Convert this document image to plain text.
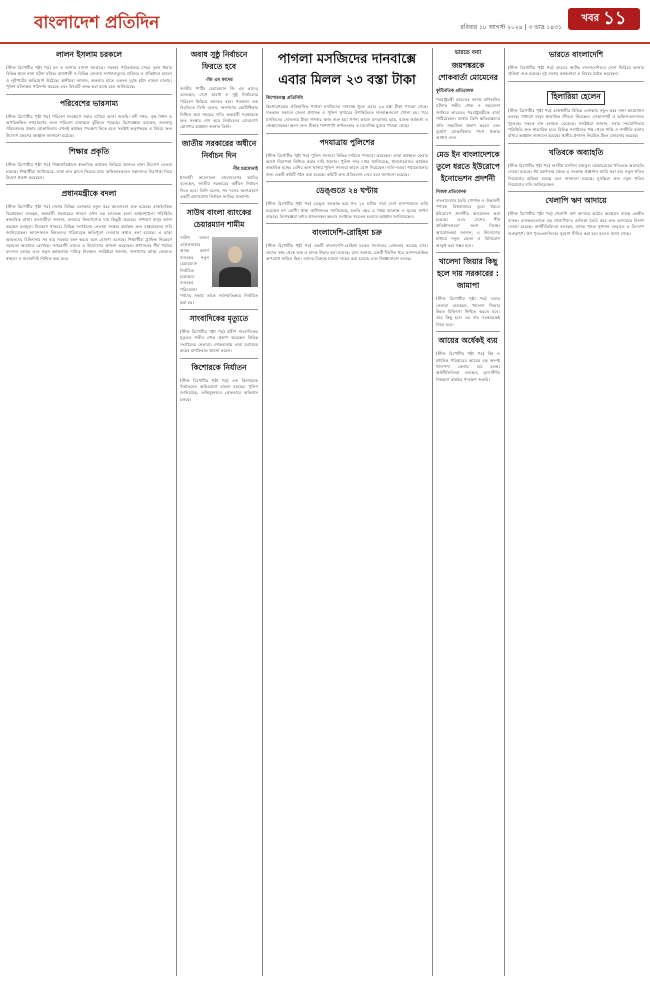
বাংলাদেশ প্রতিদিন	রবিবার ১৮ আগস্ট ২০২৪ | ৩ ভাদ্র ১৪৩১
খবর ১১
লালন ইসলাম চরকলে
(স্টাফ রিপোর্টার পৃষ্ঠা পর) মন ও আশার বাসনা জাগ্রতে। সরকার পরিবর্তনের সেঘর দুর্বল ধারার বিভিন্ন স্থানে নানা ঘটনা ঘটছে। রাজধানী ও বিভিন্ন জেলায় সংখ্যালঘুদের বাড়িঘর ও প্রতিষ্ঠানে হামলা ও লুটপাটের অভিযোগ উঠেছে। স্থানীয়রা জানান, শুক্রবার রাতে একদল দুর্বৃত্ত হঠাৎ হামলা চালায়। পুলিশ ঘটনাস্থল পরিদর্শন করেছে এবং বিষয়টি তদন্ত করা হচ্ছে বলে জানিয়েছে।
পরিবেশের ভারসাম্য
(স্টাফ রিপোর্টার পৃষ্ঠা পর) পরিবেশ সংরক্ষণে সবার এগিয়ে আসা জরুরি। নদী দখল, বৃক্ষ নিধন ও অপরিকল্পিত নগরায়ণের ফলে পরিবেশ মারাত্মক ঝুঁকিতে পড়েছে। বিশেষজ্ঞরা বলছেন, জলবায়ু পরিবর্তনের প্রভাব মোকাবিলায় এখনই কার্যকর পদক্ষেপ নিতে হবে। সংশ্লিষ্ট কর্তৃপক্ষকে এ বিষয়ে দ্রুত উদ্যোগ গ্রহণের আহ্বান জানানো হয়েছে।
শিক্ষার প্রকৃতি
(স্টাফ রিপোর্টার পৃষ্ঠা পর) শিক্ষাপ্রতিষ্ঠানে স্বাভাবিক কার্যক্রম ফিরিয়ে আনতে নানা উদ্যোগ নেওয়া হয়েছে। শিক্ষার্থীরা জানিয়েছে, তারা দ্রুত ক্লাসে ফিরতে চায়। অভিভাবকরাও সন্তানদের নিরাপত্তা নিয়ে উদ্বেগ প্রকাশ করেছেন।
প্রধানমন্ত্রীকে বদলা
(স্টাফ রিপোর্টার পৃষ্ঠা পর) দেশের বিভিন্ন এলাকায় নতুন করে আলোচনা শুরু হয়েছে। রাজনৈতিক বিশ্লেষকরা বলছেন, অন্তর্বর্তী সরকারের সামনে এখন বড় চ্যালেঞ্জ হলো আইনশৃঙ্খলা পরিস্থিতি স্বাভাবিক রাখা। ব্যবসায়ীরা জানান, বাজারে নিত্যপণ্যের দাম কিছুটা কমেছে। সাধারণ মানুষ আশা করছেন দ্রব্যমূল্য নিয়ন্ত্রণে থাকবে। বিভিন্ন সংগঠনের নেতারা সংস্কার কার্যক্রম দ্রুত বাস্তবায়নের দাবি জানিয়েছেন। আন্দোলনে নিহতদের পরিবারকে ক্ষতিপূরণ দেওয়ার কথাও বলা হয়েছে। এ ছাড়া আহতদের চিকিৎসার সব ব্যয় সরকার বহন করবে বলে ঘোষণা এসেছে। শিক্ষার্থীরা ট্রাফিক নিয়ন্ত্রণে সহায়তা অব্যাহত রেখেছে। নগরবাসী তাদের এ উদ্যোগের প্রশংসা করেছেন। প্রশাসনের শীর্ষ পর্যায়ে রদবদল চলছে এবং নতুন কর্মকর্তারা দায়িত্ব নিচ্ছেন। সংশ্লিষ্টরা জানান, জনগণের আস্থা ফেরাতে স্বচ্ছতা ও জবাবদিহি নিশ্চিত করা হবে।
অবাধ সুষ্ঠু নির্বাচনে ফিরতে হবে
-জি এম কাদের
জাতীয় পার্টির চেয়ারম্যান জি এম কাদের বলেছেন, দেশে অবাধ ও সুষ্ঠু নির্বাচনের পরিবেশ ফিরিয়ে আনতে হবে। গতকাল এক বিবৃতিতে তিনি বলেন, জনগণের ভোটাধিকার নিশ্চিত করা সময়ের দাবি। অন্তর্বর্তী সরকারকে দ্রুত সংস্কার শেষ করে নির্বাচনের রোডম্যাপ ঘোষণার আহ্বান জানান তিনি।
জাতীয় সরকারের অধীনে নির্বাচন দিন
পীর চরমোনাই
ইসলামী আন্দোলন বাংলাদেশের আমির বলেছেন, জাতীয় সরকারের অধীনে নির্বাচন দিতে হবে। তিনি বলেন, সব দলের অংশগ্রহণে একটি গ্রহণযোগ্য নির্বাচন জাতির প্রত্যাশা।
সাউথ বাংলা ব্যাংকের চেয়ারম্যান শামীম
সাউথ বাংলা এগ্রিকালচার অ্যান্ড কমার্স ব্যাংকের নতুন চেয়ারম্যান নির্বাচিত হয়েছেন। ব্যাংকের পরিচালনা পর্ষদের সভায় তাকে সর্বসম্মতিক্রমে নির্বাচিত করা হয়।
সাংবাদিকের মৃত্যুতে
(স্টাফ রিপোর্টার পৃষ্ঠা পর) প্রবীণ সাংবাদিকের মৃত্যুতে গভীর শোক প্রকাশ করেছেন বিভিন্ন সংগঠনের নেতারা। শোকবার্তায় তারা মরহুমের রুহের মাগফিরাত কামনা করেন।
কিশোরকে নির্যাতন
(স্টাফ রিপোর্টার পৃষ্ঠা পর) এক কিশোরকে নির্যাতনের অভিযোগে মামলা হয়েছে। পুলিশ জানিয়েছে, অভিযুক্তদের গ্রেফতারে অভিযান চলছে।
পাগলা মসজিদের দানবাক্সে এবার মিলল ২৩ বস্তা টাকা
কিশোরগঞ্জ প্রতিনিধি
কিশোরগঞ্জের ঐতিহাসিক পাগলা মসজিদের দানবাক্স খুলে এবার ২৩ বস্তা টাকা পাওয়া গেছে। গতকাল সকালে জেলা প্রশাসক ও পুলিশ সুপারের উপস্থিতিতে দানবাক্সগুলো খোলা হয়। পরে মসজিদের দোতলায় টাকা গণনার কাজ শুরু হয়। গণনা কাজে মাদরাসার ছাত্র, ব্যাংক কর্মকর্তা ও স্বেচ্ছাসেবকরা অংশ নেন। টাকার পাশাপাশি স্বর্ণালংকার ও বৈদেশিক মুদ্রাও পাওয়া গেছে।
পদযাত্রায় পুলিশের
(স্টাফ রিপোর্টার পৃষ্ঠা পর) পুলিশ সদস্যরা বিভিন্ন দাবিতে পদযাত্রা করেছেন। তারা কর্মস্থলে ফেরার আগে নিরাপত্তা নিশ্চিত করার দাবি জানান। পুলিশ সদর দপ্তর জানিয়েছে, থানাগুলোতে কার্যক্রম স্বাভাবিক হচ্ছে। বেশির ভাগ থানায় পুলিশ সদস্যরা কাজে যোগ দিয়েছেন। দাবি-দাওয়া পর্যালোচনার জন্য একটি কমিটি গঠন করা হয়েছে। কমিটি দ্রুত প্রতিবেদন দেবে বলে জানানো হয়েছে।
ডেঙ্গুতে ২৪ ঘণ্টায়
(স্টাফ রিপোর্টার পৃষ্ঠা পর) ডেঙ্গু আক্রান্ত হয়ে গত ২৪ ঘণ্টায় সারা দেশে হাসপাতালে ভর্তি হয়েছেন বহু রোগী। স্বাস্থ্য অধিদফতর জানিয়েছে, চলতি বছর এ পর্যন্ত আক্রান্ত ও মৃতের সংখ্যা বাড়ছে। বিশেষজ্ঞরা মশার প্রজননস্থল ধ্বংসে সবাইকে সচেতন হওয়ার আহ্বান জানিয়েছেন।
বাংলাদেশি-রোহিঙ্গা চক্র
(স্টাফ রিপোর্টার পৃষ্ঠা পর) একটি বাংলাদেশি-রোহিঙ্গা চক্রের সদস্যদের গ্রেফতার করেছে র‌্যাব। তাদের কাছ থেকে অস্ত্র ও মাদক উদ্ধার করা হয়েছে। র‌্যাব জানায়, চক্রটি দীর্ঘদিন ধরে ক্যাম্পকেন্দ্রিক অপরাধে জড়িত ছিল। তাদের বিরুদ্ধে মামলা দায়ের করা হয়েছে এবং জিজ্ঞাসাবাদ চলছে।
ভারতে বন্যা
জয়শঙ্করকে শোকবার্তা মোমেনের
কূটনৈতিক প্রতিবেদক
পররাষ্ট্রমন্ত্রী ভারতের বন্যায় প্রাণহানির ঘটনায় গভীর শোক ও সমবেদনা জানিয়ে ভারতের পররাষ্ট্রমন্ত্রীকে বার্তা পাঠিয়েছেন। বার্তায় তিনি ক্ষতিগ্রস্তদের প্রতি সহমর্মিতা প্রকাশ করেন এবং দুর্যোগ মোকাবিলায় পাশে থাকার আশ্বাস দেন।
মেড ইন বাংলাদেশকে তুলে ধরতে ইউরোপে ইনোভেশন প্রদর্শনী
নিজস্ব প্রতিবেদক
বাংলাদেশের তৈরি পোশাক ও উদ্ভাবনী পণ্যকে বিশ্ববাজারে তুলে ধরতে ইউরোপে প্রদর্শনীর আয়োজন করা হয়েছে। এতে দেশের শীর্ষ প্রতিষ্ঠানগুলো অংশ নিচ্ছে। আয়োজকরা জানান, এ উদ্যোগের মাধ্যমে নতুন ক্রেতা ও বিনিয়োগ আকৃষ্ট করা সম্ভব হবে।
খালেদা জিয়ার কিছু হলে দায় সরকারের : জামাপা
(স্টাফ রিপোর্টার পৃষ্ঠা পর) দলের নেতারা বলেছেন, খালেদা জিয়ার উন্নত চিকিৎসা নিশ্চিত করতে হবে। তার কিছু হলে এর দায় সরকারকেই নিতে হবে।
আয়ের অর্ধেকই ব্যয়
(স্টাফ রিপোর্টার পৃষ্ঠা পর) নিম্ন ও মধ্যবিত্ত পরিবারের আয়ের বড় অংশই খাদ্যপণ্য কেনায় ব্যয় হচ্ছে। অর্থনীতিবিদরা বলছেন, মূল্যস্ফীতি নিয়ন্ত্রণে কার্যকর পদক্ষেপ জরুরি।
ভারতে বাংলাদেশি
(স্টাফ রিপোর্টার পৃষ্ঠা পর) ভারতে আটক বাংলাদেশিদের দেশে ফিরিয়ে আনার প্রক্রিয়া শুরু হয়েছে। দুই দেশের কর্মকর্তারা এ বিষয়ে বৈঠক করেছেন।
হিলারিয়া হেলেন
(স্টাফ রিপোর্টার পৃষ্ঠা পর) রাজধানীর বিভিন্ন এলাকায় নতুন করে নানা আয়োজন চলছে। সাধারণ মানুষ স্বাভাবিক জীবনে ফিরছেন। দোকানপাট ও অফিস-আদালত খুলেছে। সড়কে যান চলাচল বেড়েছে। সংশ্লিষ্টরা জানান, সবার সহযোগিতায় পরিস্থিতি দ্রুত স্বাভাবিক হবে। বিভিন্ন সংগঠনের পক্ষ থেকে শান্তি ও সম্প্রীতি বজায় রাখার আহ্বান জানানো হয়েছে। স্থানীয় প্রশাসন নিয়মিত টহল জোরদার করেছে।
খতিবকে অব্যাহতি
(স্টাফ রিপোর্টার পৃষ্ঠা পর) জাতীয় মসজিদ বায়তুল মোকাররমের খতিবকে অব্যাহতি দেওয়া হয়েছে। ধর্ম মন্ত্রণালয় থেকে এ সংক্রান্ত প্রজ্ঞাপন জারি করা হয়। নতুন খতিব নিয়োগের প্রক্রিয়া চলছে বলে জানানো হয়েছে। মুসল্লিরা দ্রুত নতুন খতিব নিয়োগের দাবি জানিয়েছেন।
খেলাপি ঋণ আদায়ে
(স্টাফ রিপোর্টার পৃষ্ঠা পর) খেলাপি ঋণ আদায়ে কঠোর অবস্থানে যাচ্ছে কেন্দ্রীয় ব্যাংক। ব্যাংকগুলোকে বড় খেলাপিদের তালিকা তৈরি করে দ্রুত আদায়ের নির্দেশ দেওয়া হয়েছে। অর্থনীতিবিদরা বলছেন, ব্যাংক খাতে সুশাসন ফেরাতে এ উদ্যোগ গুরুত্বপূর্ণ। ঋণ পুনঃতফসিলের সুযোগ সীমিত করা হবে বলেও জানা গেছে।
